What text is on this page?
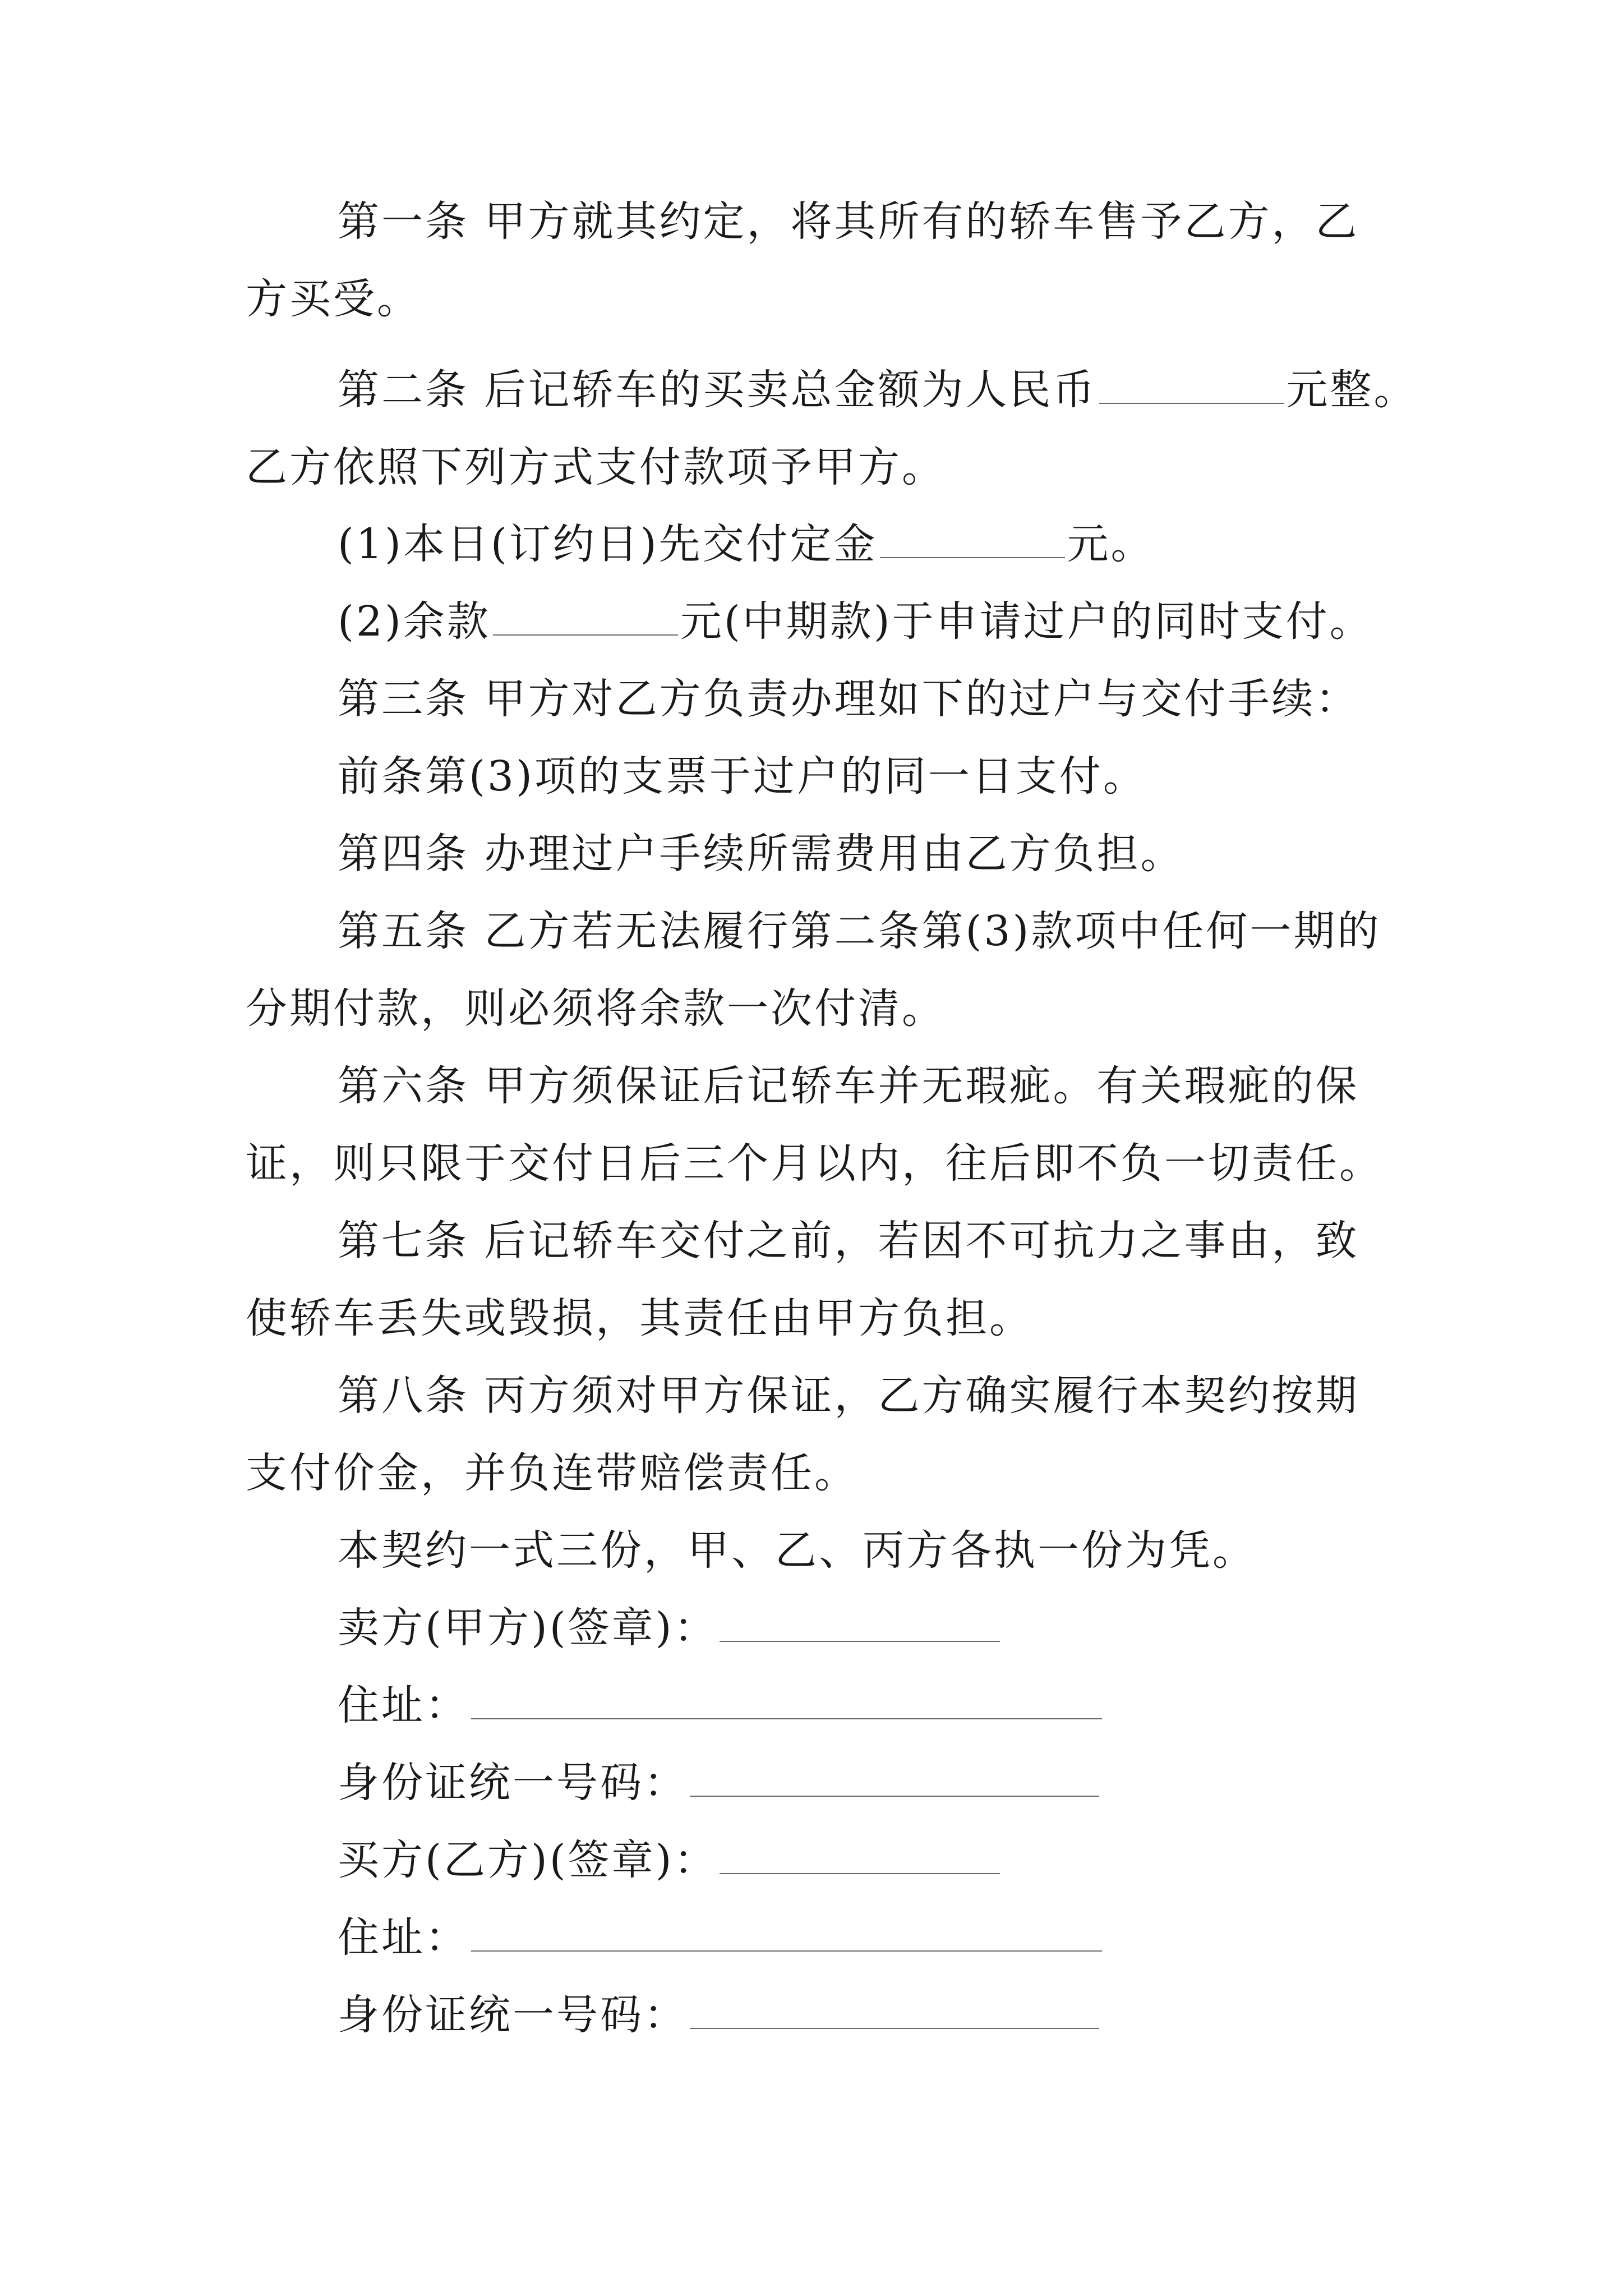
第一条 甲方就其约定，将其所有的轿车售予乙方，乙
方买受。
第二条 后记轿车的买卖总金额为人民币	元整。
乙方依照下列方式支付款项予甲方。
(1)本日(订约日)先交付定金	元。
(2)余款	元(中期款)于申请过户的同时支付。
第三条 甲方对乙方负责办理如下的过户与交付手续：
前条第(3)项的支票于过户的同一日支付。
第四条 办理过户手续所需费用由乙方负担。
第五条 乙方若无法履行第二条第(3)款项中任何一期的
分期付款，则必须将余款一次付清。
第六条 甲方须保证后记轿车并无瑕疵。有关瑕疵的保
证，则只限于交付日后三个月以内，往后即不负一切责任。
第七条 后记轿车交付之前，若因不可抗力之事由，致
使轿车丢失或毁损，其责任由甲方负担。
第八条 丙方须对甲方保证，乙方确实履行本契约按期
支付价金，并负连带赔偿责任。
本契约一式三份，甲、乙、丙方各执一份为凭。
卖方(甲方)(签章)：
住址：
身份证统一号码：
买方(乙方)(签章)：
住址：
身份证统一号码：
